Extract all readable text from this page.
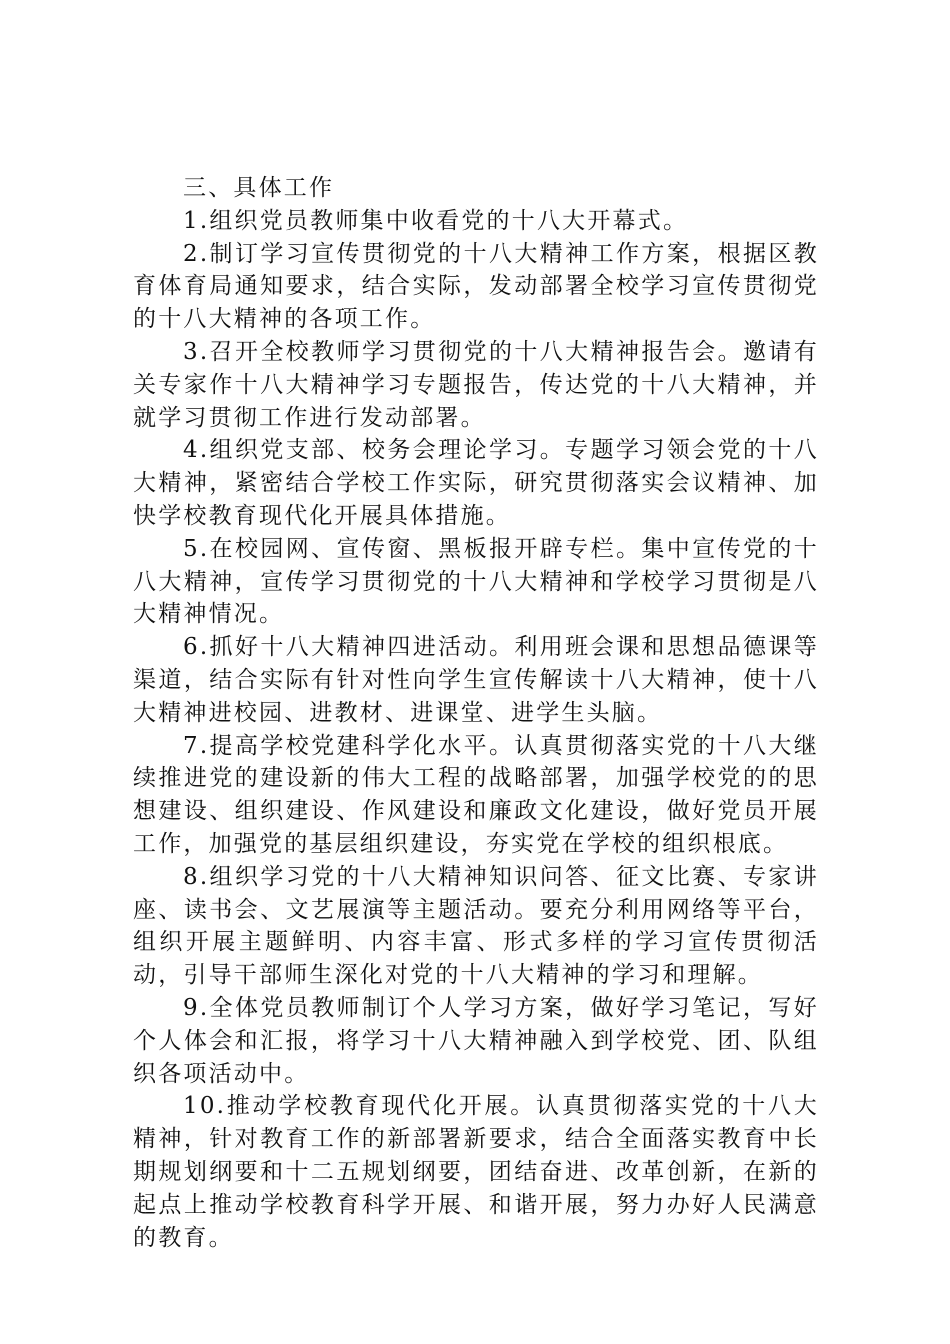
三、具体工作

1.组织党员教师集中收看党的十八大开幕式。

2.制订学习宣传贯彻党的十八大精神工作方案，根据区教育体育局通知要求，结合实际，发动部署全校学习宣传贯彻党的十八大精神的各项工作。

3.召开全校教师学习贯彻党的十八大精神报告会。邀请有关专家作十八大精神学习专题报告，传达党的十八大精神，并就学习贯彻工作进行发动部署。

4.组织党支部、校务会理论学习。专题学习领会党的十八大精神，紧密结合学校工作实际，研究贯彻落实会议精神、加快学校教育现代化开展具体措施。

5.在校园网、宣传窗、黑板报开辟专栏。集中宣传党的十八大精神，宣传学习贯彻党的十八大精神和学校学习贯彻是八大精神情况。

6.抓好十八大精神四进活动。利用班会课和思想品德课等渠道，结合实际有针对性向学生宣传解读十八大精神，使十八大精神进校园、进教材、进课堂、进学生头脑。

7.提高学校党建科学化水平。认真贯彻落实党的十八大继续推进党的建设新的伟大工程的战略部署，加强学校党的的思想建设、组织建设、作风建设和廉政文化建设，做好党员开展工作，加强党的基层组织建设，夯实党在学校的组织根底。

8.组织学习党的十八大精神知识问答、征文比赛、专家讲座、读书会、文艺展演等主题活动。要充分利用网络等平台，组织开展主题鲜明、内容丰富、形式多样的学习宣传贯彻活动，引导干部师生深化对党的十八大精神的学习和理解。

9.全体党员教师制订个人学习方案，做好学习笔记，写好个人体会和汇报，将学习十八大精神融入到学校党、团、队组织各项活动中。

10.推动学校教育现代化开展。认真贯彻落实党的十八大精神，针对教育工作的新部署新要求，结合全面落实教育中长期规划纲要和十二五规划纲要，团结奋进、改革创新，在新的起点上推动学校教育科学开展、和谐开展，努力办好人民满意的教育。
